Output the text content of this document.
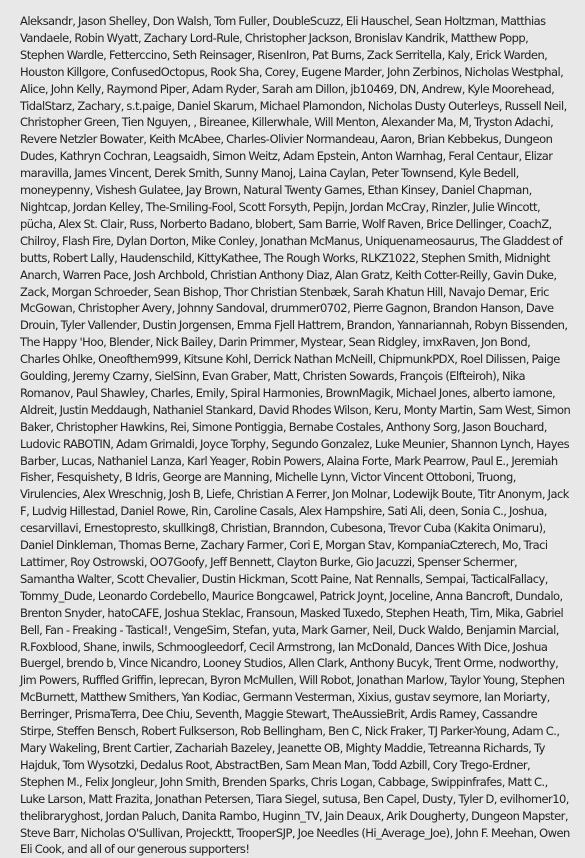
Aleksandr, Jason Shelley, Don Walsh, Tom Fuller, DoubleScuzz, Eli Hauschel, Sean Holtzman, Matthias Vandaele, Robin Wyatt, Zachary Lord-Rule, Christopher Jackson, Bronislav Kandrik, Matthew Popp, Stephen Wardle, Fetterccino, Seth Reinsager, RisenIron, Pat Burns, Zack Serritella, Kaly, Erick Warden, Houston Killgore, ConfusedOctopus, Rook Sha, Corey, Eugene Marder, John Zerbinos, Nicholas Westphal, Alice, John Kelly, Raymond Piper, Adam Ryder, Sarah am Dillon, jb10469, DN, Andrew, Kyle Moorehead, TidalStarz, Zachary, s.t.paige, Daniel Skarum, Michael Plamondon, Nicholas Dusty Outerleys, Russell Neil, Christopher Green, Tien Nguyen, , Bireanee, Killerwhale, Will Menton, Alexander Ma, M, Tryston Adachi, Revere Netzler Bowater, Keith McAbee, Charles-Olivier Normandeau, Aaron, Brian Kebbekus, Dungeon Dudes, Kathryn Cochran, Leagsaidh, Simon Weitz, Adam Epstein, Anton Warnhag, Feral Centaur, Elizar maravilla, James Vincent, Derek Smith, Sunny Manoj, Laina Caylan, Peter Townsend, Kyle Bedell, moneypenny, Vishesh Gulatee, Jay Brown, Natural Twenty Games, Ethan Kinsey, Daniel Chapman, Nightcap, Jordan Kelley, The-Smiling-Fool, Scott Forsyth, Pepijn, Jordan McCray, Rinzler, Julie Wincott, pücha, Alex St. Clair, Russ, Norberto Badano, blobert, Sam Barrie, Wolf Raven, Brice Dellinger, CoachZ, Chilroy, Flash Fire, Dylan Dorton, Mike Conley, Jonathan McManus, Uniquenameosaurus, The Gladdest of butts, Robert Lally, Haudenschild, KittyKathee, The Rough Works, RLKZ1022, Stephen Smith, Midnight Anarch, Warren Pace, Josh Archbold, Christian Anthony Diaz, Alan Gratz, Keith Cotter-Reilly, Gavin Duke, Zack, Morgan Schroeder, Sean Bishop, Thor Christian Stenbæk, Sarah Khatun Hill, Navajo Demar, Eric McGowan, Christopher Avery, Johnny Sandoval, drummer0702, Pierre Gagnon, Brandon Hanson, Dave Drouin, Tyler Vallender, Dustin Jorgensen, Emma Fjell Hattrem, Brandon, Yannariannah, Robyn Bissenden, The Happy 'Hoo, Blender, Nick Bailey, Darin Primmer, Mystear, Sean Ridgley, imxRaven, Jon Bond, Charles Ohlke, Oneofthem999, Kitsune Kohl, Derrick Nathan McNeill, ChipmunkPDX, Roel Dilissen, Paige Goulding, Jeremy Czarny, SielSinn, Evan Graber, Matt, Christen Sowards, François (Elfteiroh), Nika Romanov, Paul Shawley, Charles, Emily, Spiral Harmonies, BrownMagik, Michael Jones, alberto iamone, Aldreit, Justin Meddaugh, Nathaniel Stankard, David Rhodes Wilson, Keru, Monty Martin, Sam West, Simon Baker, Christopher Hawkins, Rei, Simone Pontiggia, Bernabe Costales, Anthony Sorg, Jason Bouchard, Ludovic RABOTIN, Adam Grimaldi, Joyce Torphy, Segundo Gonzalez, Luke Meunier, Shannon Lynch, Hayes Barber, Lucas, Nathaniel Lanza, Karl Yeager, Robin Powers, Alaina Forte, Mark Pearrow, Paul E., Jeremiah Fisher, Fesquishety, B Idris, George are Manning, Michelle Lynn, Victor Vincent Ottoboni, Truong, Virulencies, Alex Wreschnig, Josh B, Liefe, Christian A Ferrer, Jon Molnar, Lodewijk Boute, Titr Anonym, Jack F, Ludvig Hillestad, Daniel Rowe, Rin, Caroline Casals, Alex Hampshire, Sati Ali, deen, Sonia C., Joshua, cesarvillavi, Ernestopresto, skullking8, Christian, Branndon, Cubesona, Trevor Cuba (Kakita Onimaru), Daniel Dinkleman, Thomas Berne, Zachary Farmer, Cori E, Morgan Stav, KompaniaCzterech, Mo, Traci Lattimer, Roy Ostrowski, OO7Goofy, Jeff Bennett, Clayton Burke, Gio Jacuzzi, Spenser Schermer, Samantha Walter, Scott Chevalier, Dustin Hickman, Scott Paine, Nat Rennalls, Sempai, TacticalFallacy, Tommy_Dude, Leonardo Cordebello, Maurice Bongcawel, Patrick Joynt, Joceline, Anna Bancroft, Dundalo, Brenton Snyder, hatoCAFE, Joshua Steklac, Fransoun, Masked Tuxedo, Stephen Heath, Tim, Mika, Gabriel Bell, Fan - Freaking - Tastical!, VengeSim, Stefan, yuta, Mark Garner, Neil, Duck Waldo, Benjamin Marcial, R.Foxblood, Shane, inwils, Schmoogleedorf, Cecil Armstrong, Ian McDonald, Dances With Dice, Joshua Buergel, brendo b, Vince Nicandro, Looney Studios, Allen Clark, Anthony Bucyk, Trent Orme, nodworthy, Jim Powers, Ruffled Griffin, leprecan, Byron McMullen, Will Robot, Jonathan Marlow, Taylor Young, Stephen McBurnett, Matthew Smithers, Yan Kodiac, Germann Vesterman, Xixius, gustav seymore, Ian Moriarty, Berringer, PrismaTerra, Dee Chiu, Seventh, Maggie Stewart, TheAussieBrit, Ardis Ramey, Cassandre Stirpe, Steffen Bensch, Robert Fulkserson, Rob Bellingham, Ben C, Nick Fraker, TJ Parker-Young, Adam C., Mary Wakeling, Brent Cartier, Zachariah Bazeley, Jeanette OB, Mighty Maddie, Tetreanna Richards, Ty Hajduk, Tom Wysotzki, Dedalus Root, AbstractBen, Sam Mean Man, Todd Azbill, Cory Trego-Erdner, Stephen M., Felix Jongleur, John Smith, Brenden Sparks, Chris Logan, Cabbage, Swippinfrafes, Matt C., Luke Larson, Matt Frazita, Jonathan Petersen, Tiara Siegel, sutusa, Ben Capel, Dusty, Tyler D, evilhomer10, thelibraryghost, Jordan Paluch, Danita Rambo, Huginn_TV, Jain Deaux, Arik Dougherty, Dungeon Mapster, Steve Barr, Nicholas O'Sullivan, Projecktt, TrooperSJP, Joe Needles (Hi_Average_Joe), John F. Meehan, Owen Eli Cook, and all of our generous supporters!
